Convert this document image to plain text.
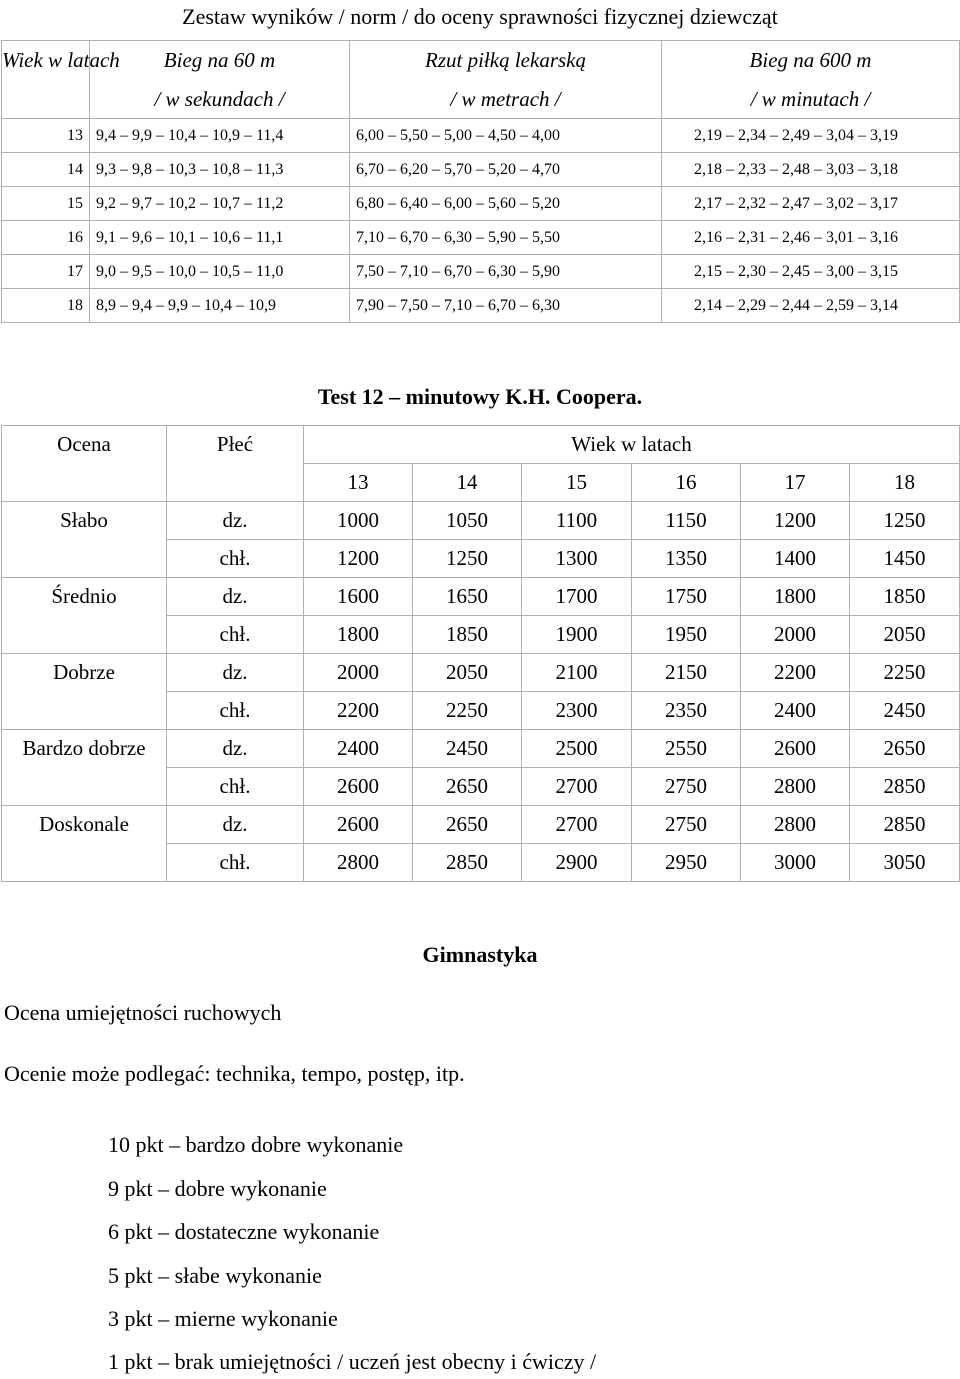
Zestaw wyników / norm / do oceny sprawności fizycznej dziewcząt
Wiek w latach	Bieg na 60 m	Rzut piłką lekarską	Bieg na 600 m
	/ w sekundach /	/ w metrach /	/ w minutach /
13	9,4 – 9,9 – 10,4 – 10,9 – 11,4	6,00 – 5,50 – 5,00 – 4,50 – 4,00	2,19 – 2,34 – 2,49 – 3,04 – 3,19
14	9,3 – 9,8 – 10,3 – 10,8 – 11,3	6,70 – 6,20 – 5,70 – 5,20 – 4,70	2,18 – 2,33 – 2,48 – 3,03 – 3,18
15	9,2 – 9,7 – 10,2 – 10,7 – 11,2	6,80 – 6,40 – 6,00 – 5,60 – 5,20	2,17 – 2,32 – 2,47 – 3,02 – 3,17
16	9,1 – 9,6 – 10,1 – 10,6 – 11,1	7,10 – 6,70 – 6,30 – 5,90 – 5,50	2,16 – 2,31 – 2,46 – 3,01 – 3,16
17	9,0 – 9,5 – 10,0 – 10,5 – 11,0	7,50 – 7,10 – 6,70 – 6,30 – 5,90	2,15 – 2,30 – 2,45 – 3,00 – 3,15
18	8,9 – 9,4 – 9,9 – 10,4 – 10,9	7,90 – 7,50 – 7,10 – 6,70 – 6,30	2,14 – 2,29 – 2,44 – 2,59 – 3,14
Test 12 – minutowy K.H. Coopera.
Ocena	Płeć	Wiek w latach					
		13	14	15	16	17	18
Słabo	dz.	1000	1050	1100	1150	1200	1250
	chł.	1200	1250	1300	1350	1400	1450
Średnio	dz.	1600	1650	1700	1750	1800	1850
	chł.	1800	1850	1900	1950	2000	2050
Dobrze	dz.	2000	2050	2100	2150	2200	2250
	chł.	2200	2250	2300	2350	2400	2450
Bardzo dobrze	dz.	2400	2450	2500	2550	2600	2650
	chł.	2600	2650	2700	2750	2800	2850
Doskonale	dz.	2600	2650	2700	2750	2800	2850
	chł.	2800	2850	2900	2950	3000	3050
Gimnastyka
Ocena umiejętności ruchowych
Ocenie może podlegać: technika, tempo, postęp, itp.
10 pkt – bardzo dobre wykonanie
9 pkt – dobre wykonanie
6 pkt – dostateczne wykonanie
5 pkt – słabe wykonanie
3 pkt – mierne wykonanie
1 pkt – brak umiejętności / uczeń jest obecny i ćwiczy /
